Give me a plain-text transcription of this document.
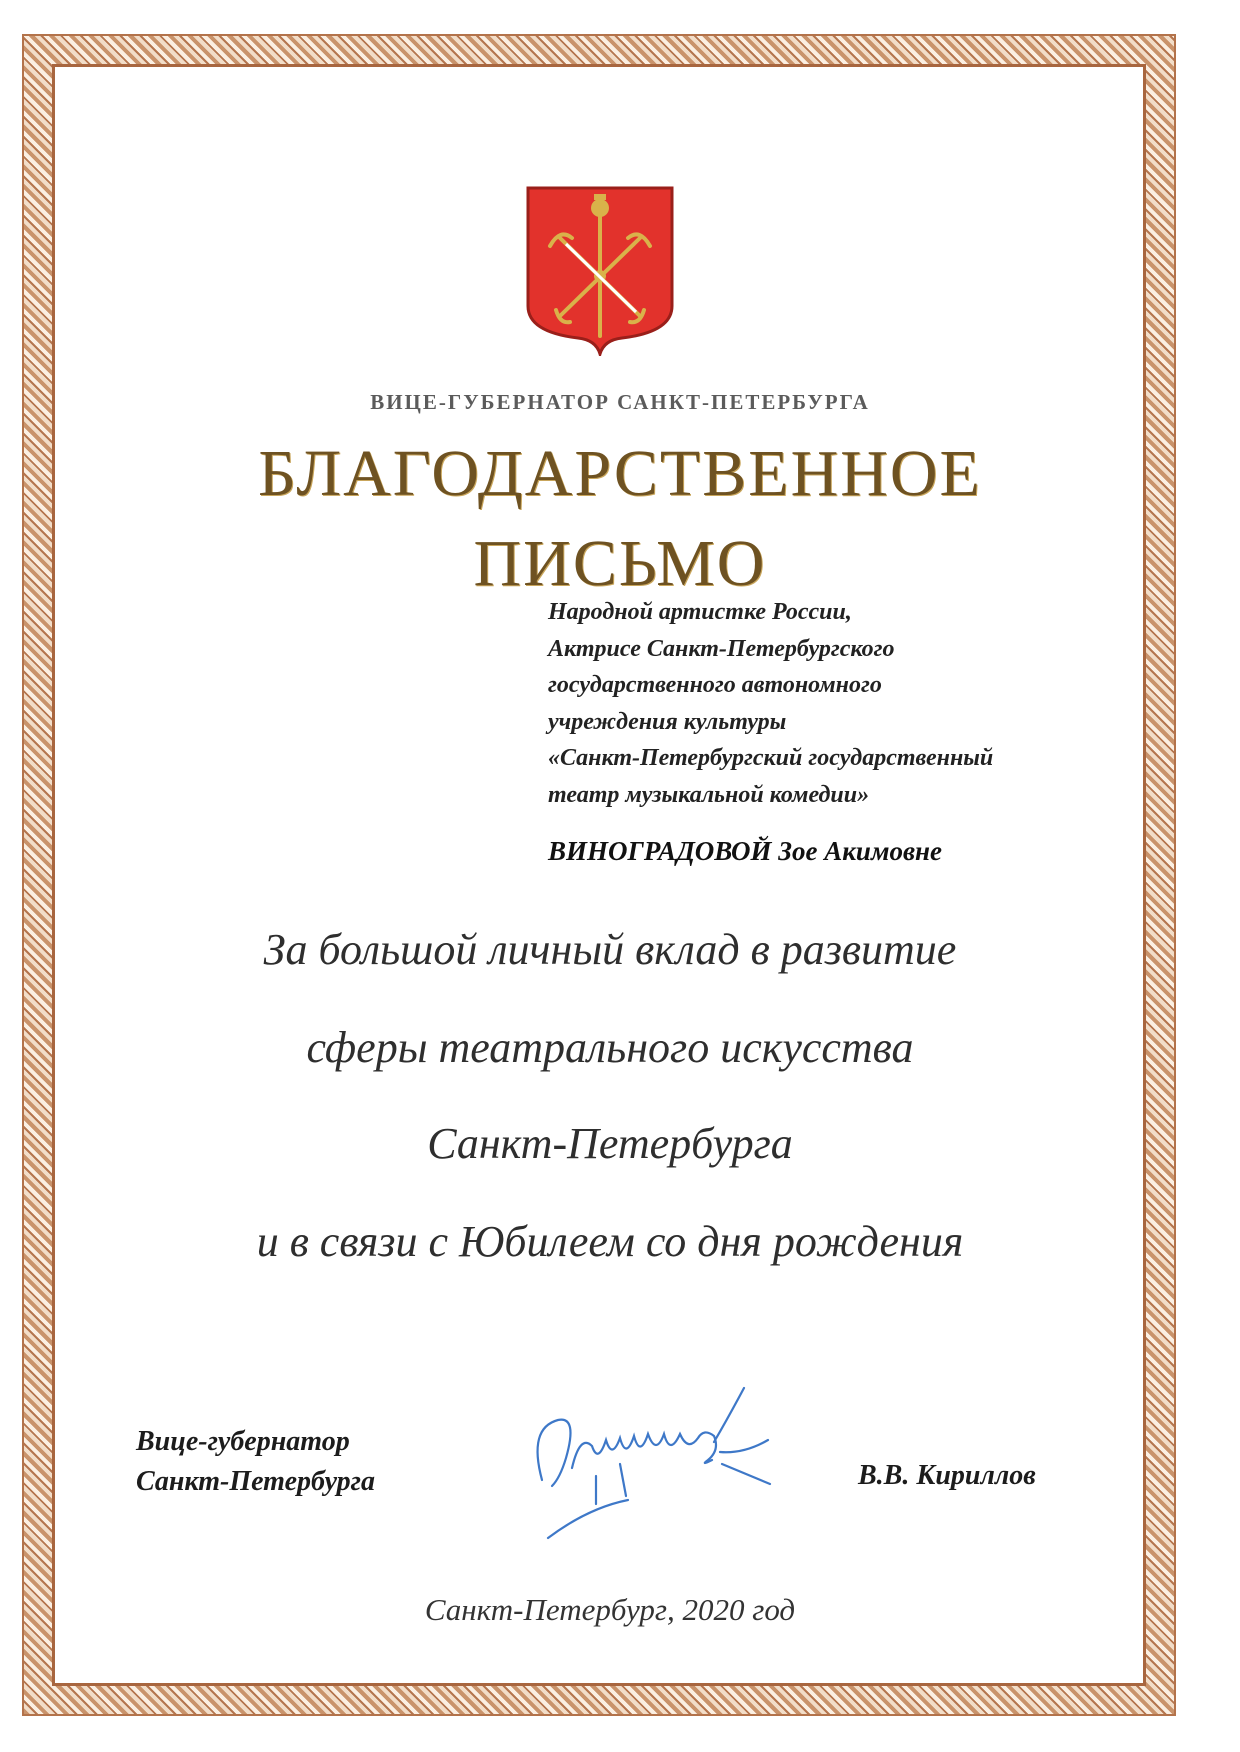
ВИЦЕ-ГУБЕРНАТОР САНКТ-ПЕТЕРБУРГА
БЛАГОДАРСТВЕННОЕ
ПИСЬМО
Народной артистке России,
Актрисе Санкт-Петербургского
государственного автономного
учреждения культуры
«Санкт-Петербургский государственный
театр музыкальной комедии»
ВИНОГРАДОВОЙ Зое Акимовне
За большой личный вклад в развитие
сферы театрального искусства
Санкт-Петербурга
и в связи с Юбилеем со дня рождения
Вице-губернатор
Санкт-Петербурга	В.В. Кириллов
Санкт-Петербург, 2020 год
